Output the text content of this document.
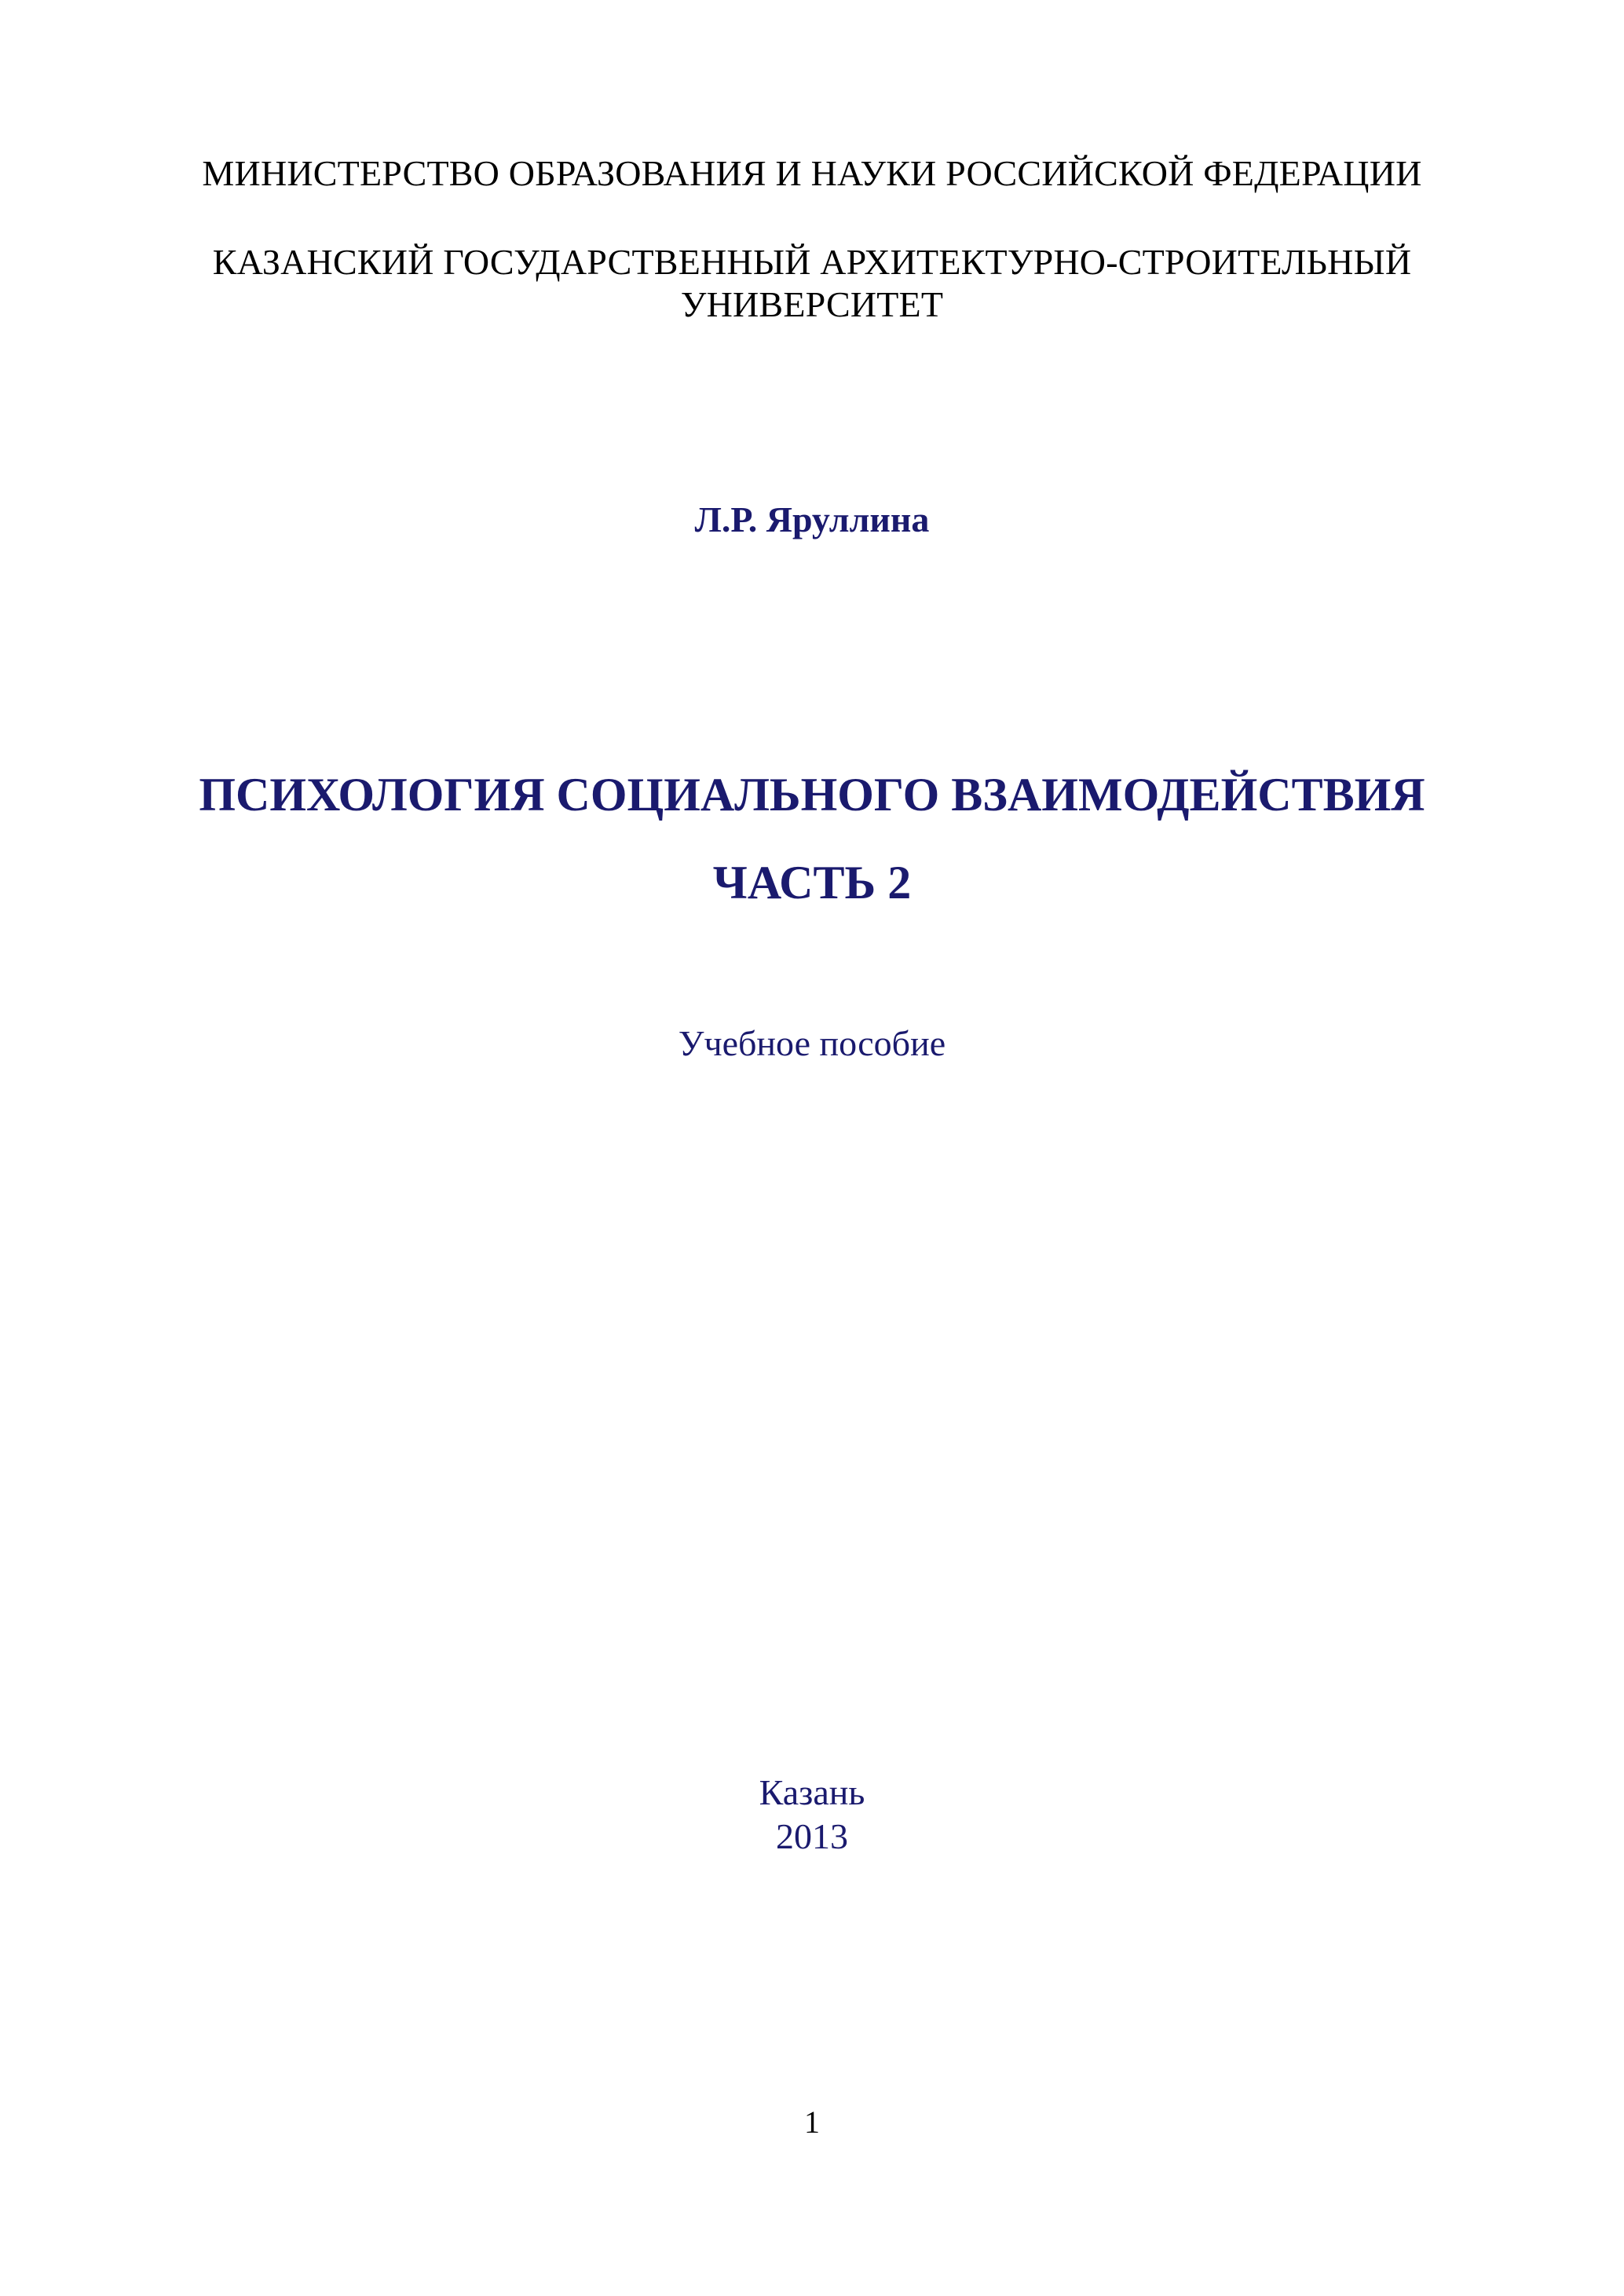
МИНИСТЕРСТВО ОБРАЗОВАНИЯ И НАУКИ РОССИЙСКОЙ ФЕДЕРАЦИИ
КАЗАНСКИЙ ГОСУДАРСТВЕННЫЙ АРХИТЕКТУРНО-СТРОИТЕЛЬНЫЙ
УНИВЕРСИТЕТ
Л.Р. Яруллина
ПСИХОЛОГИЯ СОЦИАЛЬНОГО ВЗАИМОДЕЙСТВИЯ
ЧАСТЬ 2
Учебное пособие
Казань
2013
1
